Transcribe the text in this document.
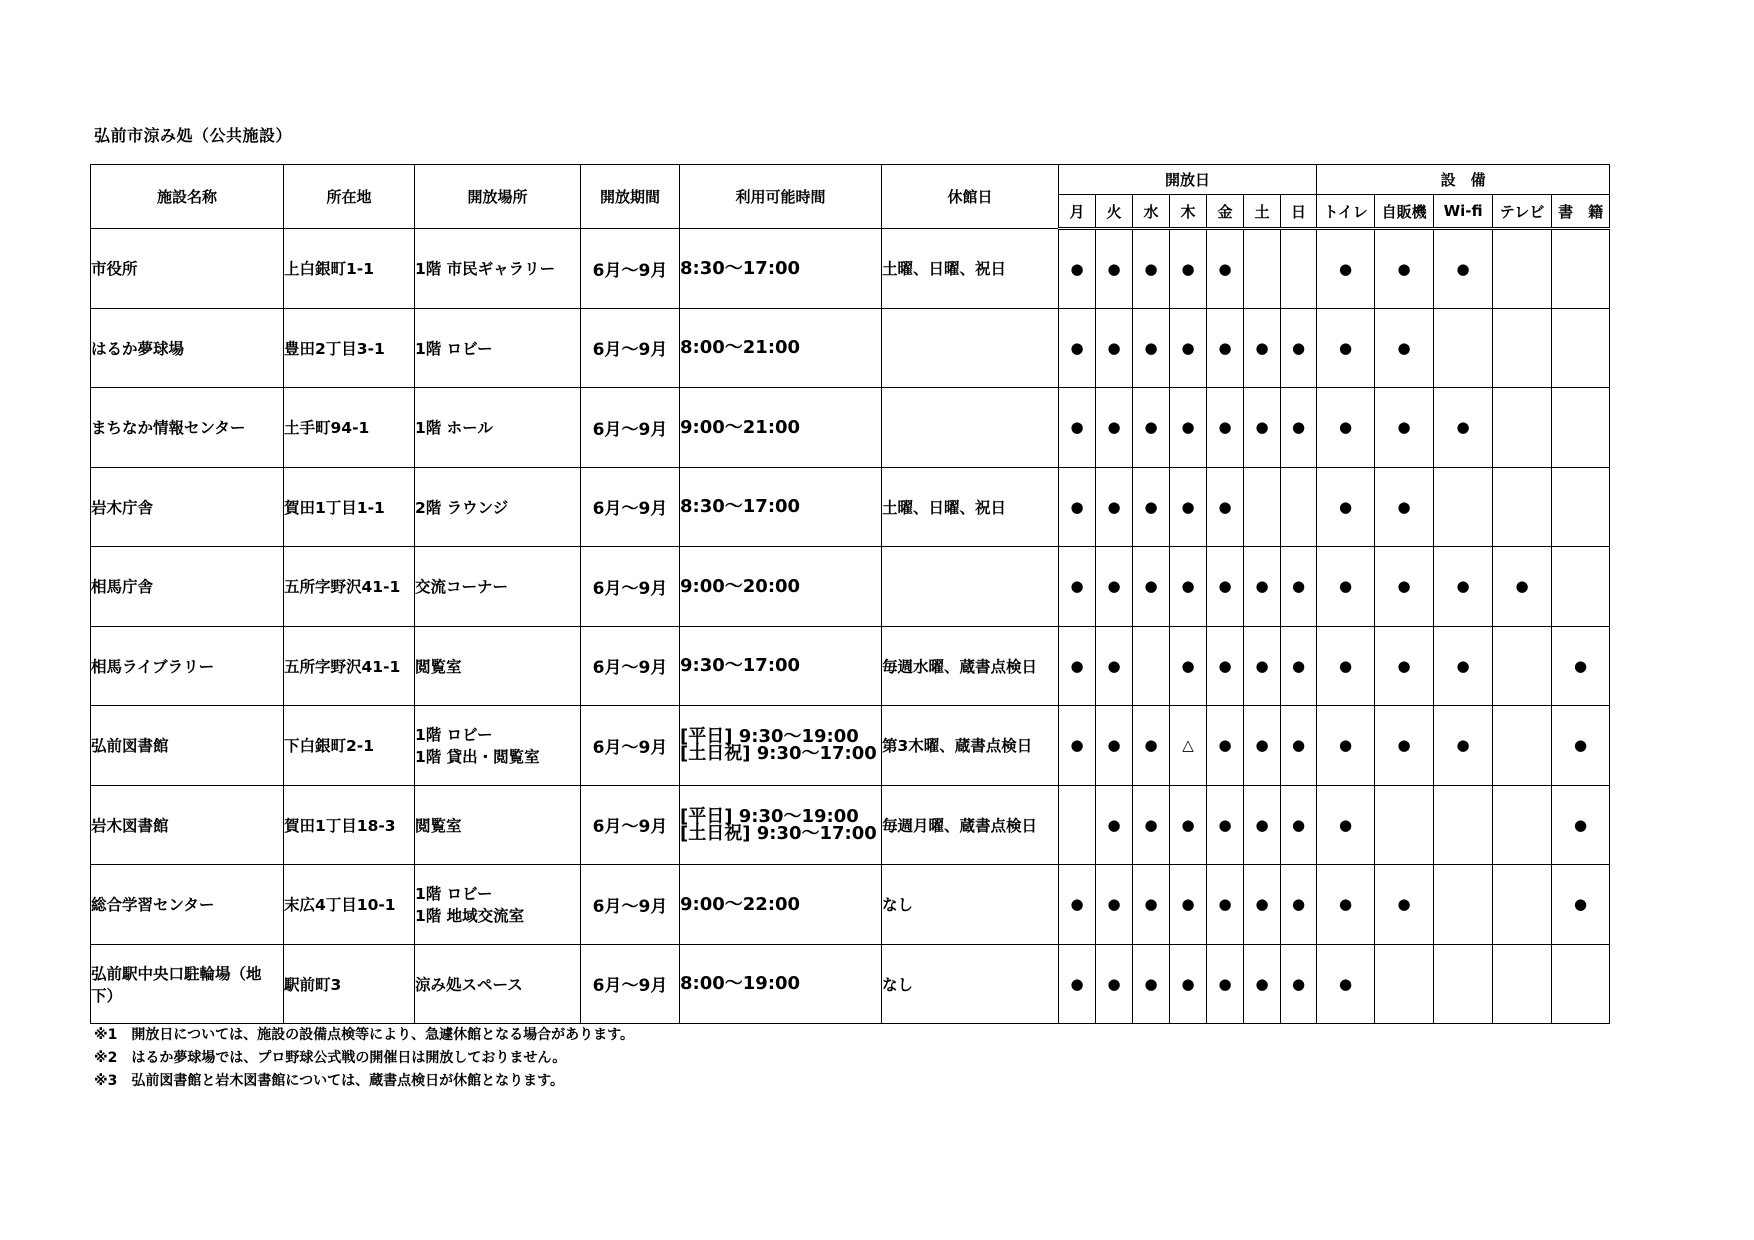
弘前市涼み処（公共施設）
施設名称	所在地	開放場所	開放期間	利用可能時間	休館日	開放日							設　備				
						月	火	水	木	金	土	日	トイレ	自販機	Wi-fi	テレビ	書　籍
市役所	上白銀町1-1	1階 市民ギャラリー	6月～9月	8:30～17:00	土曜、日曜、祝日	●	●	●	●	●			●	●	●		
はるか夢球場	豊田2丁目3-1	1階 ロビー	6月～9月	8:00～21:00		●	●	●	●	●	●	●	●	●			
まちなか情報センター	土手町94-1	1階 ホール	6月～9月	9:00～21:00		●	●	●	●	●	●	●	●	●	●		
岩木庁舎	賀田1丁目1-1	2階 ラウンジ	6月～9月	8:30～17:00	土曜、日曜、祝日	●	●	●	●	●			●	●			
相馬庁舎	五所字野沢41-1	交流コーナー	6月～9月	9:00～20:00		●	●	●	●	●	●	●	●	●	●	●	
相馬ライブラリー	五所字野沢41-1	閲覧室	6月～9月	9:30～17:00	毎週水曜、蔵書点検日	●	●		●	●	●	●	●	●	●		●
弘前図書館	下白銀町2-1	1階 ロビー
1階 貸出・閲覧室	6月～9月	[平日] 9:30～19:00
[土日祝] 9:30～17:00	第3木曜、蔵書点検日	●	●	●	△	●	●	●	●	●	●		●
岩木図書館	賀田1丁目18-3	閲覧室	6月～9月	[平日] 9:30～19:00
[土日祝] 9:30～17:00	毎週月曜、蔵書点検日		●	●	●	●	●	●	●				●
総合学習センター	末広4丁目10-1	1階 ロビー
1階 地域交流室	6月～9月	9:00～22:00	なし	●	●	●	●	●	●	●	●	●			●
弘前駅中央口駐輪場（地下）	駅前町3	涼み処スペース	6月～9月	8:00～19:00	なし	●	●	●	●	●	●	●	●				
※1　開放日については、施設の設備点検等により、急遽休館となる場合があります。
※2　はるか夢球場では、プロ野球公式戦の開催日は開放しておりません。
※3　弘前図書館と岩木図書館については、蔵書点検日が休館となります。
